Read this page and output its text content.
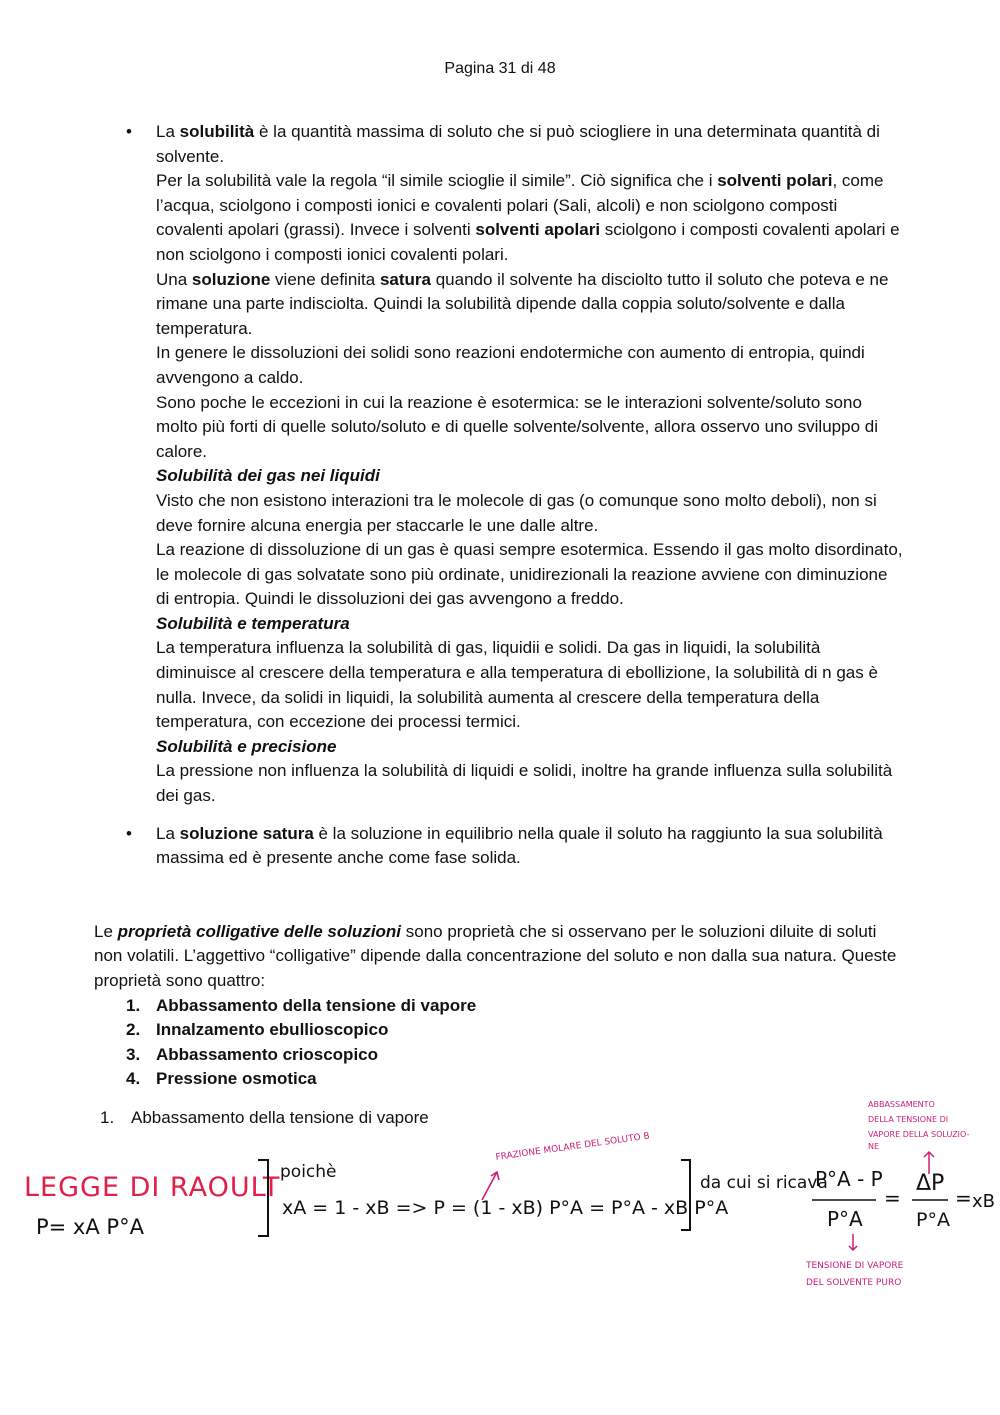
Pagina 31 di 48
• La solubilità è la quantità massima di soluto che si può sciogliere in una determinata quantità di solvente.

Per la solubilità vale la regola “il simile scioglie il simile”. Ciò significa che i solventi polari, come l’acqua, sciolgono i composti ionici e covalenti polari (Sali, alcoli) e non sciolgono composti covalenti apolari (grassi). Invece i solventi solventi apolari sciolgono i composti covalenti apolari e non sciolgono i composti ionici covalenti polari.

Una soluzione viene definita satura quando il solvente ha disciolto tutto il soluto che poteva e ne rimane una parte indisciolta. Quindi la solubilità dipende dalla coppia soluto/solvente e dalla temperatura.

In genere le dissoluzioni dei solidi sono reazioni endotermiche con aumento di entropia, quindi avvengono a caldo.

Sono poche le eccezioni in cui la reazione è esotermica: se le interazioni solvente/soluto sono molto più forti di quelle soluto/soluto e di quelle solvente/solvente, allora osservo uno sviluppo di calore.

Solubilità dei gas nei liquidi

Visto che non esistono interazioni tra le molecole di gas (o comunque sono molto deboli), non si deve fornire alcuna energia per staccarle le une dalle altre.

La reazione di dissoluzione di un gas è quasi sempre esotermica. Essendo il gas molto disordinato, le molecole di gas solvatate sono più ordinate, unidirezionali la reazione avviene con diminuzione di entropia. Quindi le dissoluzioni dei gas avvengono a freddo.

Solubilità e temperatura

La temperatura influenza la solubilità di gas, liquidii e solidi. Da gas in liquidi, la solubilità diminuisce al crescere della temperatura e alla temperatura di ebollizione, la solubilità di n gas è nulla. Invece, da solidi in liquidi, la solubilità aumenta al crescere della temperatura della temperatura, con eccezione dei processi termici.

Solubilità e precisione

La pressione non influenza la solubilità di liquidi e solidi, inoltre ha grande influenza sulla solubilità dei gas.

• La soluzione satura è la soluzione in equilibrio nella quale il soluto ha raggiunto la sua solubilità massima ed è presente anche come fase solida.

Le proprietà colligative delle soluzioni sono proprietà che si osservano per le soluzioni diluite di soluti non volatili. L’aggettivo “colligative” dipende dalla concentrazione del soluto e non dalla sua natura. Queste proprietà sono quattro:

1. Abbassamento della tensione di vapore
2. Innalzamento ebullioscopico
3. Abbassamento crioscopico
4. Pressione osmotica
1. Abbassamento della tensione di vapore
LEGGE DI RAOULT
P= xA P°A
poichè
xA = 1 - xB => P = (1 - xB) P°A = P°A - xB P°A
FRAZIONE MOLARE DEL SOLUTO B
da cui si ricava
P°A - P
P°A
=
ΔP
P°A
= xB
ABBASSAMENTO DELLA TENSIONE DI VAPORE DELLA SOLUZIO- NE
TENSIONE DI VAPORE DEL SOLVENTE PURO
